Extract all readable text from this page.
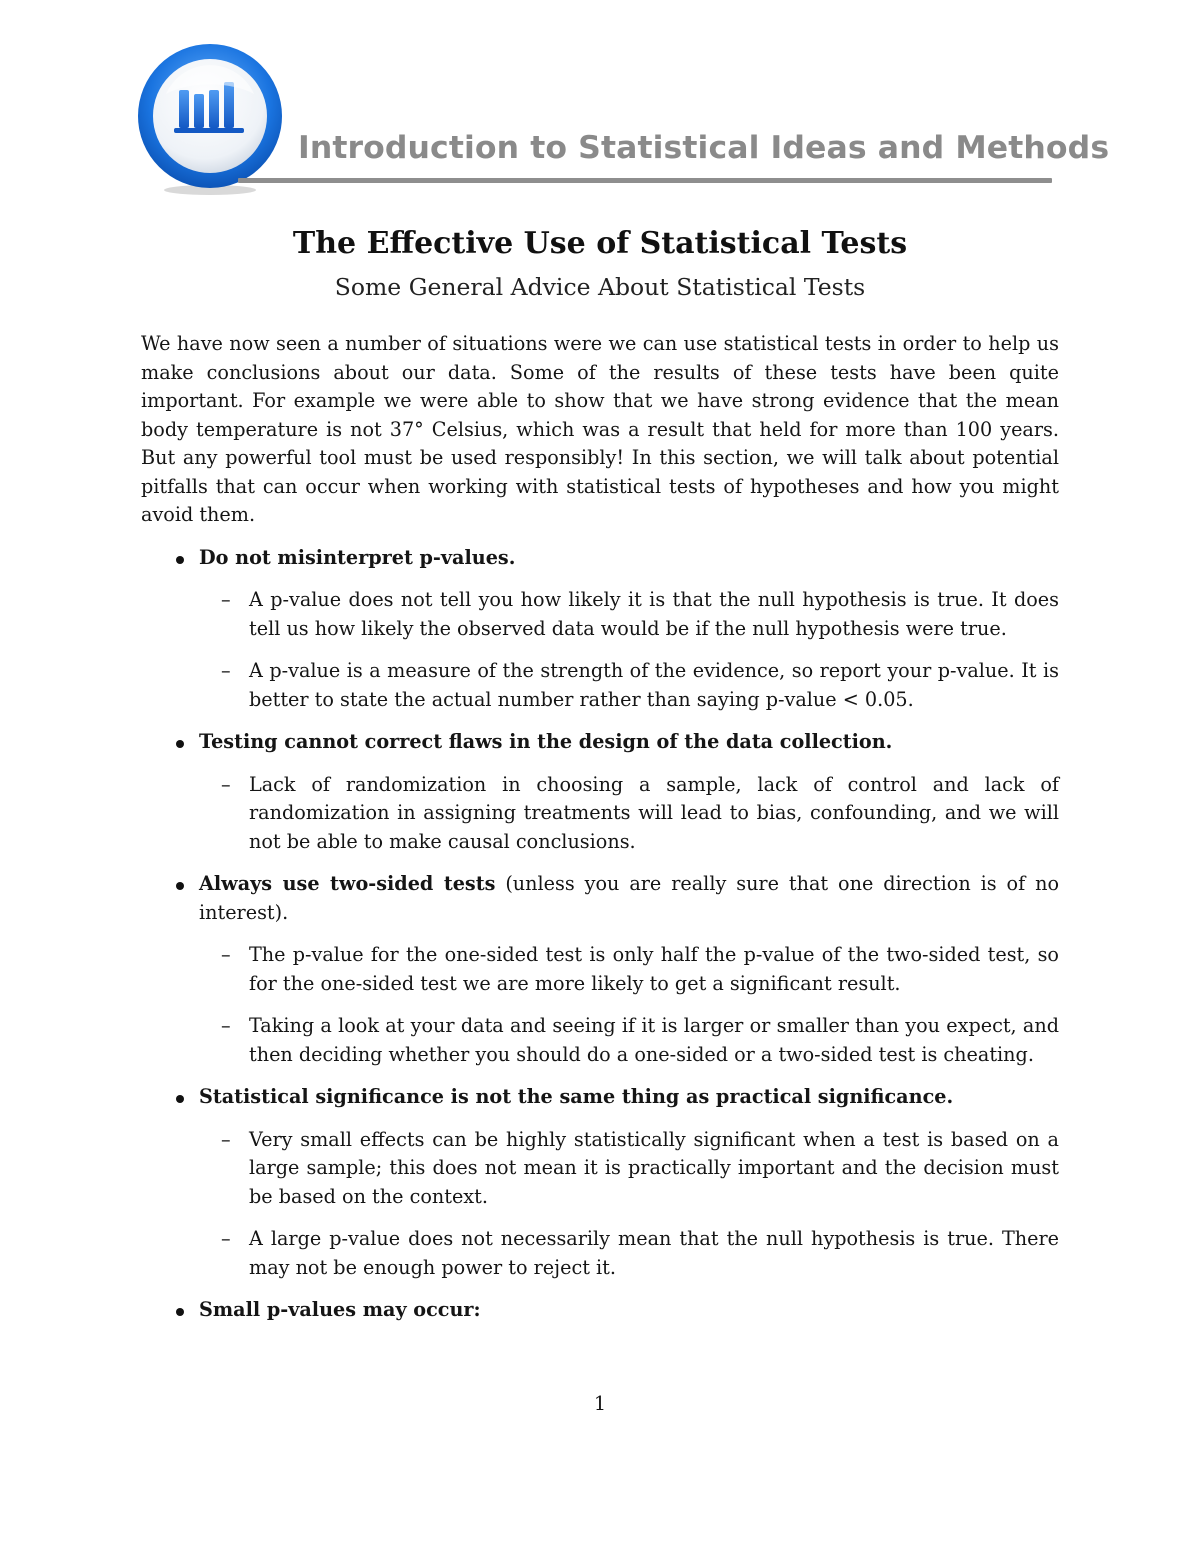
Introduction to Statistical Ideas and Methods
The Effective Use of Statistical Tests
Some General Advice About Statistical Tests

We have now seen a number of situations were we can use statistical tests in order to help us make conclusions about our data. Some of the results of these tests have been quite important. For example we were able to show that we have strong evidence that the mean body temperature is not 37° Celsius, which was a result that held for more than 100 years. But any powerful tool must be used responsibly! In this section, we will talk about potential pitfalls that can occur when working with statistical tests of hypotheses and how you might avoid them.

Do not misinterpret p-values.
– A p-value does not tell you how likely it is that the null hypothesis is true. It does tell us how likely the observed data would be if the null hypothesis were true.
– A p-value is a measure of the strength of the evidence, so report your p-value. It is better to state the actual number rather than saying p-value < 0.05.
Testing cannot correct flaws in the design of the data collection.
– Lack of randomization in choosing a sample, lack of control and lack of randomization in assigning treatments will lead to bias, confounding, and we will not be able to make causal conclusions.
Always use two-sided tests (unless you are really sure that one direction is of no interest).
– The p-value for the one-sided test is only half the p-value of the two-sided test, so for the one-sided test we are more likely to get a significant result.
– Taking a look at your data and seeing if it is larger or smaller than you expect, and then deciding whether you should do a one-sided or a two-sided test is cheating.
Statistical significance is not the same thing as practical significance.
– Very small effects can be highly statistically significant when a test is based on a large sample; this does not mean it is practically important and the decision must be based on the context.
– A large p-value does not necessarily mean that the null hypothesis is true. There may not be enough power to reject it.
Small p-values may occur:
1
